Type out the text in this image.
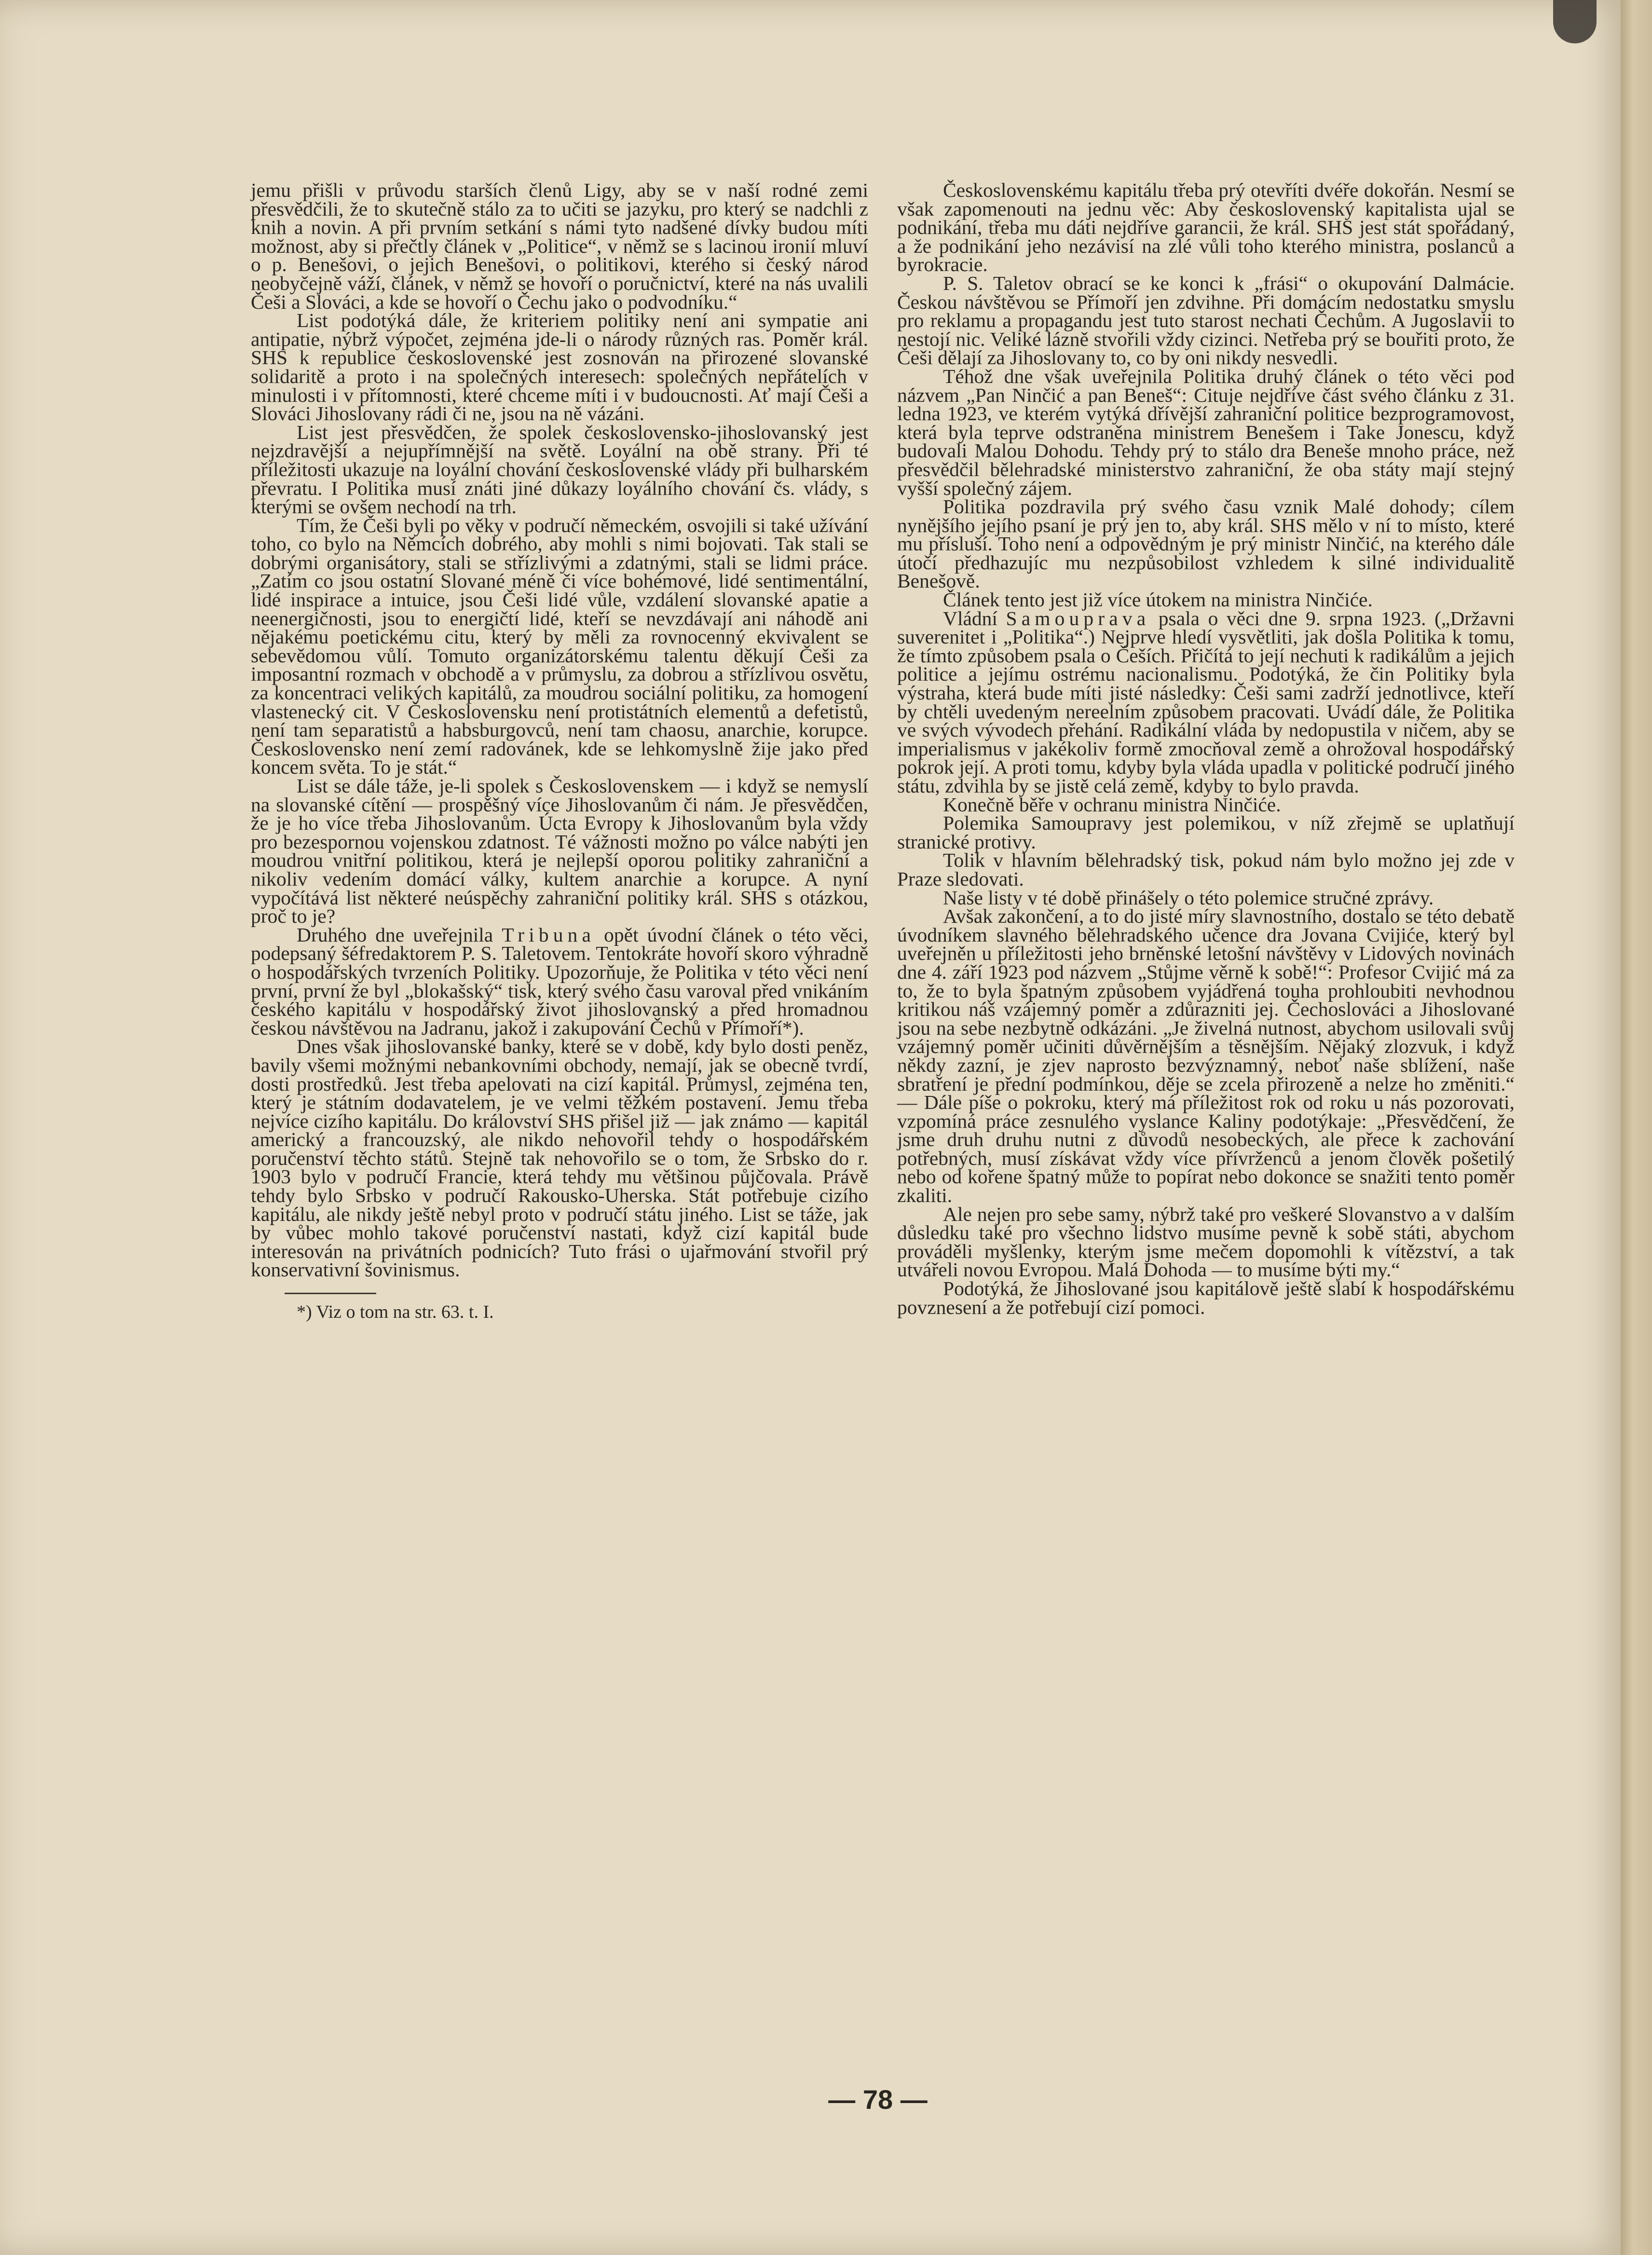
jemu přišli v průvodu starších členů Ligy, aby se v naší rodné zemi přesvědčili, že to skutečně stálo za to učiti se jazyku, pro který se nadchli z knih a novin. A při prvním setkání s námi tyto nadšené dívky budou míti možnost, aby si přečtly článek v „Politice“, v němž se s lacinou ironií mluví o p. Benešovi, o jejich Benešovi, o politikovi, kterého si český národ neobyčejně váží, článek, v němž se hovoří o poručnictví, které na nás uvalili Češi a Slováci, a kde se hovoří o Čechu jako o podvodníku.“

List podotýká dále, že kriteriem politiky není ani sympatie ani antipatie, nýbrž výpočet, zejména jde-li o národy různých ras. Poměr král. SHS k republice československé jest zosnován na přirozené slovanské solidaritě a proto i na společných interesech: společných nepřátelích v minulosti i v přítomnosti, které chceme míti i v budoucnosti. Ať mají Češi a Slováci Jihoslovany rádi či ne, jsou na ně vázáni.

List jest přesvědčen, že spolek československo-jihoslovanský jest nejzdravější a nejupřímnější na světě. Loyální na obě strany. Při té příležitosti ukazuje na loyální chování československé vlády při bulharském převratu. I Politika musí znáti jiné důkazy loyálního chování čs. vlády, s kterými se ovšem nechodí na trh.

Tím, že Češi byli po věky v područí německém, osvojili si také užívání toho, co bylo na Němcích dobrého, aby mohli s nimi bojovati. Tak stali se dobrými organisátory, stali se střízlivými a zdatnými, stali se lidmi práce. „Zatím co jsou ostatní Slované méně či více bohémové, lidé sentimentální, lidé inspirace a intuice, jsou Češi lidé vůle, vzdálení slovanské apatie a neenergičnosti, jsou to energičtí lidé, kteří se nevzdávají ani náhodě ani nějakému poetickému citu, který by měli za rovnocenný ekvivalent se sebevědomou vůlí. Tomuto organizátorskému talentu děkují Češi za imposantní rozmach v obchodě a v průmyslu, za dobrou a střízlivou osvětu, za koncentraci velikých kapitálů, za moudrou sociální politiku, za homogení vlastenecký cit. V Československu není protistátních elementů a defetistů, není tam separatistů a habsburgovců, není tam chaosu, anarchie, korupce. Československo není zemí radovánek, kde se lehkomyslně žije jako před koncem světa. To je stát.“

List se dále táže, je-li spolek s Československem — i když se nemyslí na slovanské cítění — prospěšný více Jihoslovanům či nám. Je přesvědčen, že je ho více třeba Jihoslovanům. Úcta Evropy k Jihoslovanům byla vždy pro bezespornou vojenskou zdatnost. Té vážnosti možno po válce nabýti jen moudrou vnitřní politikou, která je nejlepší oporou politiky zahraniční a nikoliv vedením domácí války, kultem anarchie a korupce. A nyní vypočítává list některé neúspěchy zahraniční politiky král. SHS s otázkou, proč to je?

Druhého dne uveřejnila Tribuna opět úvodní článek o této věci, podepsaný šéfredaktorem P. S. Taletovem. Tentokráte hovoří skoro výhradně o hospodářských tvrzeních Politiky. Upozorňuje, že Politika v této věci není první, první že byl „blokašský“ tisk, který svého času varoval před vnikáním českého kapitálu v hospodářský život jihoslovanský a před hromadnou českou návštěvou na Jadranu, jakož i zakupování Čechů v Přímoří*).

Dnes však jihoslovanské banky, které se v době, kdy bylo dosti peněz, bavily všemi možnými nebankovními obchody, nemají, jak se obecně tvrdí, dosti prostředků. Jest třeba apelovati na cizí kapitál. Průmysl, zejména ten, který je státním dodavatelem, je ve velmi těžkém postavení. Jemu třeba nejvíce cizího kapitálu. Do království SHS přišel již — jak známo — kapitál americký a francouzský, ale nikdo nehovořil tehdy o hospodářském poručenství těchto států. Stejně tak nehovořilo se o tom, že Srbsko do r. 1903 bylo v područí Francie, která tehdy mu většinou půjčovala. Právě tehdy bylo Srbsko v područí Rakousko-Uherska. Stát potřebuje cizího kapitálu, ale nikdy ještě nebyl proto v područí státu jiného. List se táže, jak by vůbec mohlo takové poručenství nastati, když cizí kapitál bude interesován na privátních podnicích? Tuto frási o ujařmování stvořil prý konservativní šovinismus.

*) Viz o tom na str. 63. t. I.

Československému kapitálu třeba prý otevříti dvéře dokořán. Nesmí se však zapomenouti na jednu věc: Aby československý kapitalista ujal se podnikání, třeba mu dáti nejdříve garancii, že král. SHS jest stát spořádaný, a že podnikání jeho nezávisí na zlé vůli toho kterého ministra, poslanců a byrokracie.

P. S. Taletov obrací se ke konci k „frási“ o okupování Dalmácie. Českou návštěvou se Přímoří jen zdvihne. Při domácím nedostatku smyslu pro reklamu a propagandu jest tuto starost nechati Čechům. A Jugoslavii to nestojí nic. Veliké lázně stvořili vždy cizinci. Netřeba prý se bouřiti proto, že Češi dělají za Jihoslovany to, co by oni nikdy nesvedli.

Téhož dne však uveřejnila Politika druhý článek o této věci pod názvem „Pan Ninčić a pan Beneš“: Cituje nejdříve část svého článku z 31. ledna 1923, ve kterém vytýká dřívější zahraniční politice bezprogramovost, která byla teprve odstraněna ministrem Benešem i Take Jonescu, když budovali Malou Dohodu. Tehdy prý to stálo dra Beneše mnoho práce, než přesvědčil bělehradské ministerstvo zahraniční, že oba státy mají stejný vyšší společný zájem.

Politika pozdravila prý svého času vznik Malé dohody; cílem nynějšího jejího psaní je prý jen to, aby král. SHS mělo v ní to místo, které mu přísluší. Toho není a odpovědným je prý ministr Ninčić, na kterého dále útočí předhazujíc mu nezpůsobilost vzhledem k silné individualitě Benešově.

Článek tento jest již více útokem na ministra Ninčiće.

Vládní Samouprava psala o věci dne 9. srpna 1923. („Državni suverenitet i „Politika“.) Nejprve hledí vysvětliti, jak došla Politika k tomu, že tímto způsobem psala o Češích. Přičítá to její nechuti k radikálům a jejich politice a jejímu ostrému nacionalismu. Podotýká, že čin Politiky byla výstraha, která bude míti jisté následky: Češi sami zadrží jednotlivce, kteří by chtěli uvedeným nereelním způsobem pracovati. Uvádí dále, že Politika ve svých vývodech přehání. Radikální vláda by nedopustila v ničem, aby se imperialismus v jakékoliv formě zmocňoval země a ohrožoval hospodářský pokrok její. A proti tomu, kdyby byla vláda upadla v politické područí jiného státu, zdvihla by se jistě celá země, kdyby to bylo pravda.

Konečně běře v ochranu ministra Ninčiće.

Polemika Samoupravy jest polemikou, v níž zřejmě se uplatňují stranické protivy.

Tolik v hlavním bělehradský tisk, pokud nám bylo možno jej zde v Praze sledovati.

Naše listy v té době přinášely o této polemice stručné zprávy.

Avšak zakončení, a to do jisté míry slavnostního, dostalo se této debatě úvodníkem slavného bělehradského učence dra Jovana Cvijiće, který byl uveřejněn u příležitosti jeho brněnské letošní návštěvy v Lidových novinách dne 4. září 1923 pod názvem „Stůjme věrně k sobě!“: Profesor Cvijić má za to, že to byla špatným způsobem vyjádřená touha prohloubiti nevhodnou kritikou náš vzájemný poměr a zdůrazniti jej. Čechoslováci a Jihoslované jsou na sebe nezbytně odkázáni. „Je živelná nutnost, abychom usilovali svůj vzájemný poměr učiniti důvěrnějším a těsnějším. Nějaký zlozvuk, i když někdy zazní, je zjev naprosto bezvýznamný, neboť naše sblížení, naše sbratření je přední podmínkou, děje se zcela přirozeně a nelze ho změniti.“ — Dále píše o pokroku, který má příležitost rok od roku u nás pozorovati, vzpomíná práce zesnulého vyslance Kaliny podotýkaje: „Přesvědčení, že jsme druh druhu nutni z důvodů nesobeckých, ale přece k zachování potřebných, musí získávat vždy více přívrženců a jenom člověk pošetilý nebo od kořene špatný může to popírat nebo dokonce se snažiti tento poměr zkaliti.

Ale nejen pro sebe samy, nýbrž také pro veškeré Slovanstvo a v dalším důsledku také pro všechno lidstvo musíme pevně k sobě státi, abychom prováděli myšlenky, kterým jsme mečem dopomohli k vítězství, a tak utvářeli novou Evropou. Malá Dohoda — to musíme býti my.“

Podotýká, že Jihoslované jsou kapitálově ještě slabí k hospodářskému povznesení a že potřebují cizí pomoci.

— 78 —
